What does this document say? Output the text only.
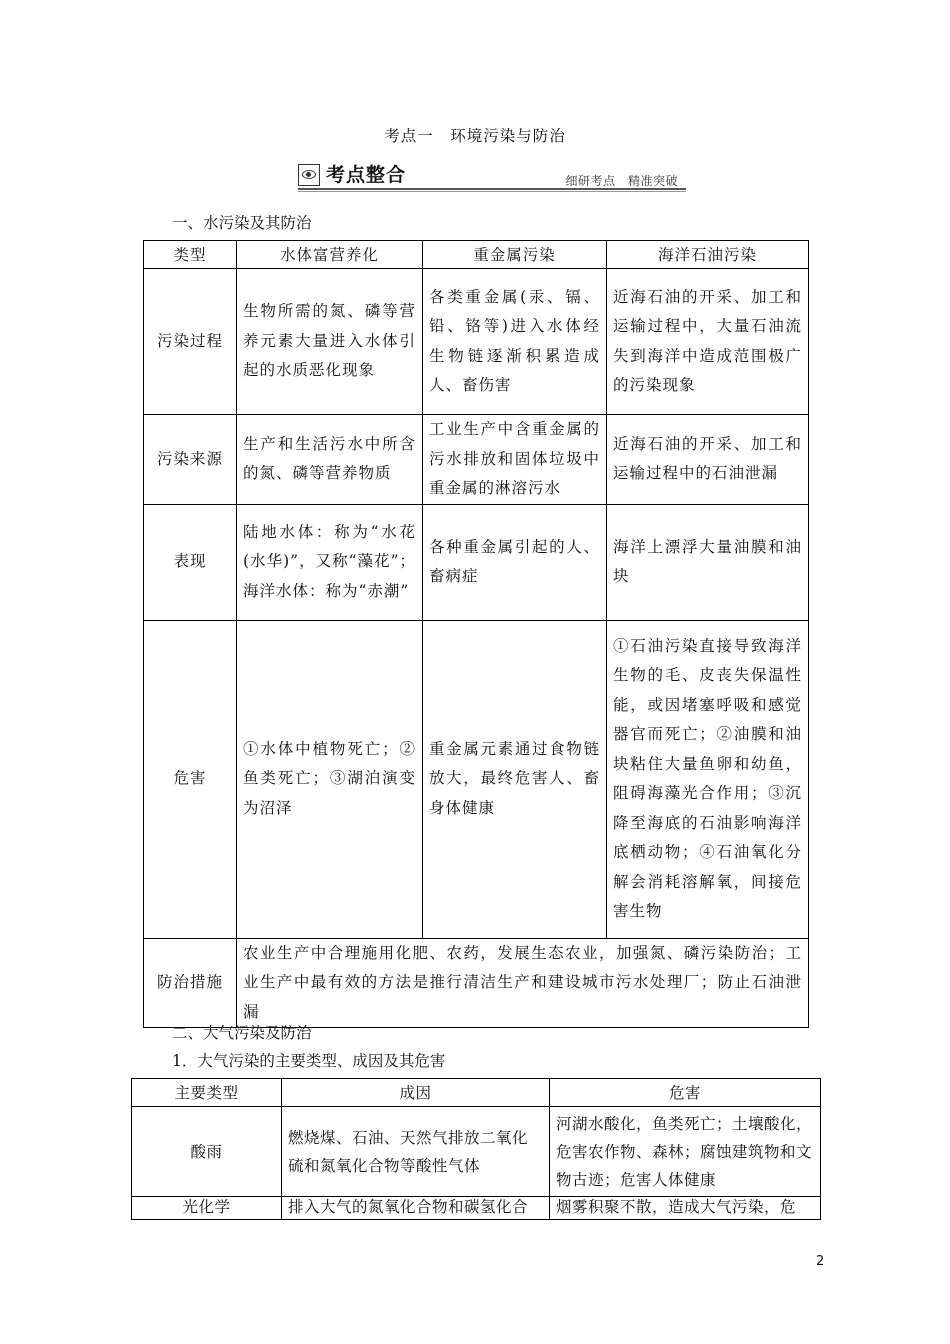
考点一　环境污染与防治
考点整合	细研考点　精准突破
一、水污染及其防治
类型	水体富营养化	重金属污染	海洋石油污染
污染过程	生物所需的氮、磷等营养元素大量进入水体引起的水质恶化现象	各类重金属(汞、镉、铅、铬等)进入水体经生物链逐渐积累造成人、畜伤害	近海石油的开采、加工和运输过程中，大量石油流失到海洋中造成范围极广的污染现象
污染来源	生产和生活污水中所含的氮、磷等营养物质	工业生产中含重金属的污水排放和固体垃圾中重金属的淋溶污水	近海石油的开采、加工和运输过程中的石油泄漏
表现	陆地水体：称为“水花(水华)”，又称“藻花”；海洋水体：称为“赤潮”	各种重金属引起的人、畜病症	海洋上漂浮大量油膜和油块
危害	①水体中植物死亡；②鱼类死亡；③湖泊演变为沼泽	重金属元素通过食物链放大，最终危害人、畜身体健康	①石油污染直接导致海洋生物的毛、皮丧失保温性能，或因堵塞呼吸和感觉器官而死亡；②油膜和油块粘住大量鱼卵和幼鱼，阻碍海藻光合作用；③沉降至海底的石油影响海洋底栖动物；④石油氧化分解会消耗溶解氧，间接危害生物
防治措施	农业生产中合理施用化肥、农药，发展生态农业，加强氮、磷污染防治；工业生产中最有效的方法是推行清洁生产和建设城市污水处理厂；防止石油泄漏		
二、大气污染及防治
1．大气污染的主要类型、成因及其危害
主要类型	成因	危害
酸雨	燃烧煤、石油、天然气排放二氧化硫和氮氧化合物等酸性气体	河湖水酸化，鱼类死亡；土壤酸化，危害农作物、森林；腐蚀建筑物和文物古迹；危害人体健康
光化学	排入大气的氮氧化合物和碳氢化合	烟雾积聚不散，造成大气污染，危
2
